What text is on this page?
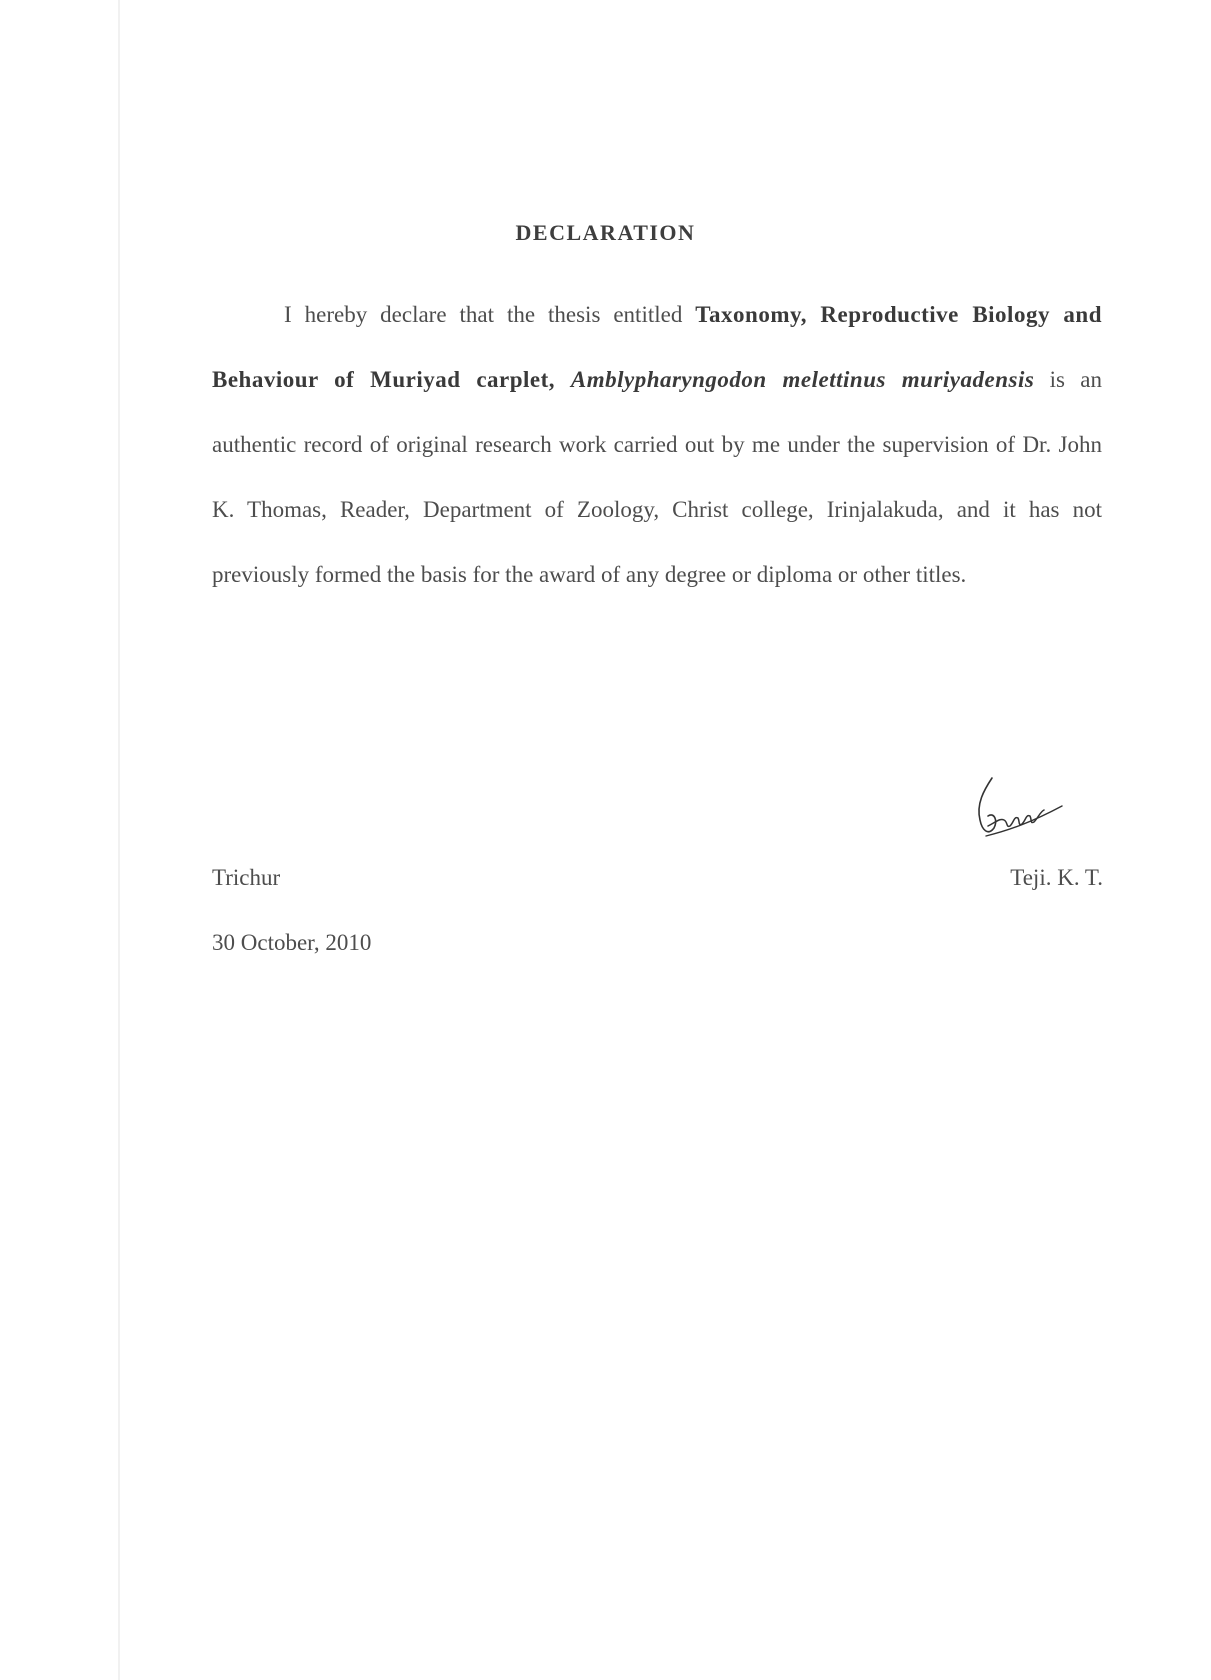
DECLARATION

I hereby declare that the thesis entitled Taxonomy, Reproductive Biology and Behaviour of Muriyad carplet, Amblypharyngodon melettinus muriyadensis is an authentic record of original research work carried out by me under the supervision of Dr. John K. Thomas, Reader, Department of Zoology, Christ college, Irinjalakuda, and it has not previously formed the basis for the award of any degree or diploma or other titles.

Trichur
30 October, 2010
Teji. K. T.
